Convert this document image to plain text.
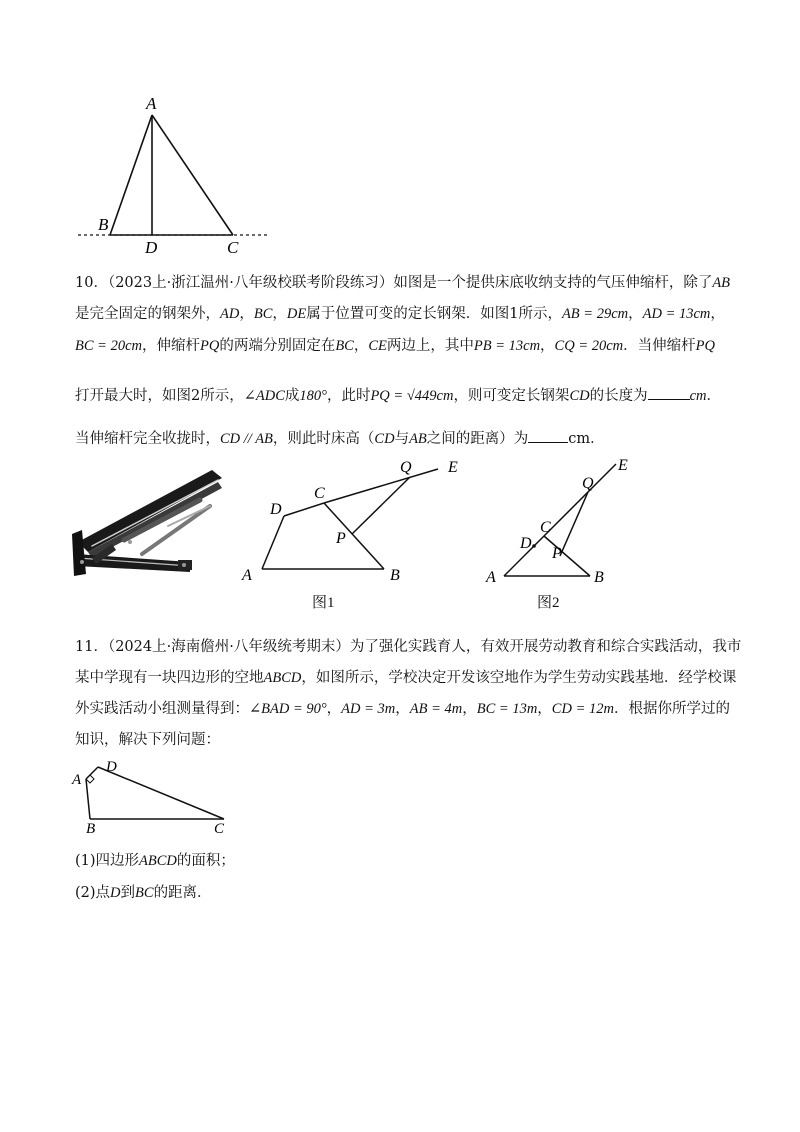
A
B
D	C
10．（2023上·浙江温州·八年级校联考阶段练习）如图是一个提供床底收纳支持的气压伸缩杆，除了AB
是完全固定的钢架外，AD，BC，DE属于位置可变的定长钢架．如图1所示，AB = 29cm，AD = 13cm，
BC = 20cm，伸缩杆PQ的两端分别固定在BC，CE两边上，其中PB = 13cm，CQ = 20cm．当伸缩杆PQ
打开最大时，如图2所示，∠ADC成180°，此时PQ = √449cm，则可变定长钢架CD的长度为	cm．
当伸缩杆完全收拢时，CD // AB，则此时床高（CD与AB之间的距离）为	cm．
A	B
D
C
Q E
P
图1
A	B
D
C
P
Q
E
图2
11．（2024上·海南儋州·八年级统考期末）为了强化实践育人，有效开展劳动教育和综合实践活动，我市
某中学现有一块四边形的空地ABCD，如图所示，学校决定开发该空地作为学生劳动实践基地．经学校课
外实践活动小组测量得到：∠BAD = 90°，AD = 3m，AB = 4m，BC = 13m，CD = 12m．根据你所学过的
知识，解决下列问题：
D
A
B	C
(1)四边形ABCD的面积；
(2)点D到BC的距离．
